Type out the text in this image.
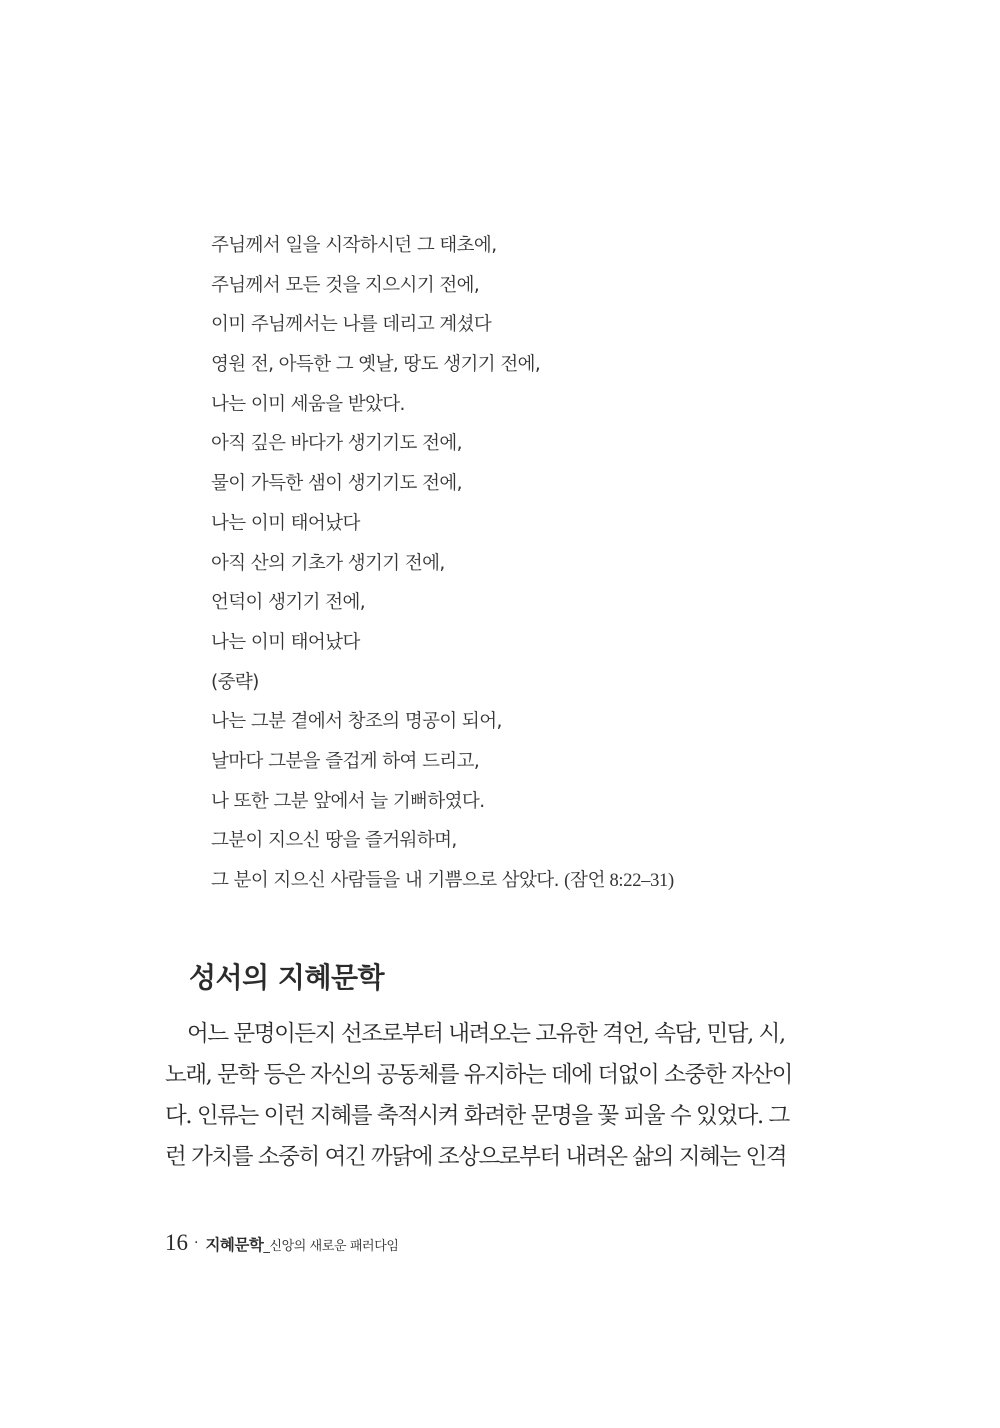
주님께서 일을 시작하시던 그 태초에,
주님께서 모든 것을 지으시기 전에,
이미 주님께서는 나를 데리고 계셨다
영원 전, 아득한 그 옛날, 땅도 생기기 전에,
나는 이미 세움을 받았다.
아직 깊은 바다가 생기기도 전에,
물이 가득한 샘이 생기기도 전에,
나는 이미 태어났다
아직 산의 기초가 생기기 전에,
언덕이 생기기 전에,
나는 이미 태어났다
(중략)
나는 그분 곁에서 창조의 명공이 되어,
날마다 그분을 즐겁게 하여 드리고,
나 또한 그분 앞에서 늘 기뻐하였다.
그분이 지으신 땅을 즐거워하며,
그 분이 지으신 사람들을 내 기쁨으로 삼았다. (잠언 8:22–31)
성서의 지혜문학
어느 문명이든지 선조로부터 내려오는 고유한 격언, 속담, 민담, 시,
노래, 문학 등은 자신의 공동체를 유지하는 데에 더없이 소중한 자산이
다. 인류는 이런 지혜를 축적시켜 화려한 문명을 꽃 피울 수 있었다. 그
런 가치를 소중히 여긴 까닭에 조상으로부터 내려온 삶의 지혜는 인격
16 · 지혜문학_신앙의 새로운 패러다임
